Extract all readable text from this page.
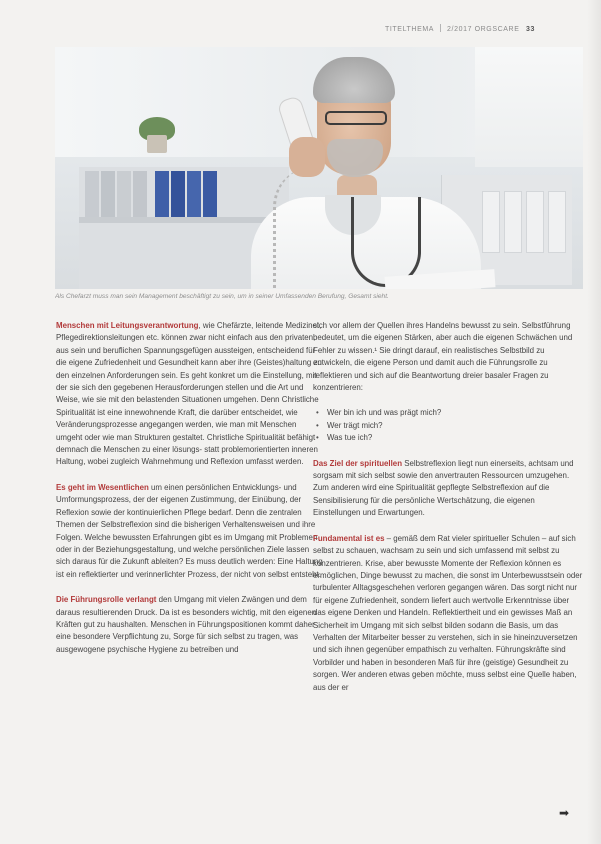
TITELTHEMA 2/2017 ORGSCARE 33
Als Chefarzt muss man sein Management beschäftigt zu sein, um in seiner Umfassenden Berufung, Gesamt sieht.

Menschen mit Leitungsverantwortung, wie Chefärzte, leitende Medizinet, Pflegedirektionsleitungen etc. können zwar nicht einfach aus den privaten, aus sein und beruflichen Spannungsgefügen aussteigen, entscheidend für die eigene Zufriedenheit und Gesundheit kann aber ihre (Geistes)haltung zu den einzelnen Anforderungen sein. Es geht konkret um die Einstellung, mit der sie sich den gegebenen Herausforderungen stellen und die Art und Weise, wie sie mit den belastenden Situationen umgehen. Denn Christliche Spiritualität ist eine innewohnende Kraft, die darüber entscheidet, wie Veränderungsprozesse angegangen werden, wie man mit Menschen umgeht oder wie man Strukturen gestaltet. Christliche Spiritualität befähigt demnach die Menschen zu einer lösungs- statt problemorientierten inneren Haltung, wobei zugleich Wahrnehmung und Reflexion umfasst werden.

Es geht im Wesentlichen um einen persönlichen Entwicklungs- und Umformungsprozess, der der eigenen Zustimmung, der Einübung, der Reflexion sowie der kontinuierlichen Pflege bedarf. Denn die zentralen Themen der Selbstreflexion sind die bisherigen Verhaltensweisen und ihre Folgen. Welche bewussten Erfahrungen gibt es im Umgang mit Problemen oder in der Beziehungsgestaltung, und welche persönlichen Ziele lassen sich daraus für die Zukunft ableiten? Es muss deutlich werden: Eine Haltung ist ein reflektierter und verinnerlichter Prozess, der nicht von selbst entsteht.

Die Führungsrolle verlangt den Umgang mit vielen Zwängen und dem daraus resultierenden Druck. Da ist es besonders wichtig, mit den eigenen Kräften gut zu haushalten. Menschen in Führungspositionen kommt daher eine besondere Verpflichtung zu, Sorge für sich selbst zu tragen, was ausgewogene psychische Hygiene zu betreiben und

sich vor allem der Quellen ihres Handelns bewusst zu sein. Selbstführung bedeutet, um die eigenen Stärken, aber auch die eigenen Schwächen und Fehler zu wissen.¹ Sie dringt darauf, ein realistisches Selbstbild zu entwickeln, die eigene Person und damit auch die Führungsrolle zu reflektieren und sich auf die Beantwortung dreier basaler Fragen zu konzentrieren:

• Wer bin ich und was prägt mich?
• Wer trägt mich?
• Was tue ich?

Das Ziel der spirituellen Selbstreflexion liegt nun einerseits, achtsam und sorgsam mit sich selbst sowie den anvertrauten Ressourcen umzugehen. Zum anderen wird eine Spiritualität gepflegte Selbstreflexion auf die Sensibilisierung für die persönliche Wertschätzung, die eigenen Einstellungen und Erwartungen.

Fundamental ist es – gemäß dem Rat vieler spiritueller Schulen – auf sich selbst zu schauen, wachsam zu sein und sich umfassend mit selbst zu konzentrieren. Krise, aber bewusste Momente der Reflexion können es ermöglichen, Dinge bewusst zu machen, die sonst im Unterbewusstsein oder turbulenter Alltagsgeschehen verloren gegangen wären. Das sorgt nicht nur für eigene Zufriedenheit, sondern liefert auch wertvolle Erkenntnisse über das eigene Denken und Handeln. Reflektiertheit und ein gewisses Maß an Sicherheit im Umgang mit sich selbst bilden sodann die Basis, um das Verhalten der Mitarbeiter besser zu verstehen, sich in sie hineinzuversetzen und sich ihnen gegenüber empathisch zu verhalten. Führungskräfte sind Vorbilder und haben in besonderen Maß für ihre (geistige) Gesundheit zu sorgen. Wer anderen etwas geben möchte, muss selbst eine Quelle haben, aus der er

➡
